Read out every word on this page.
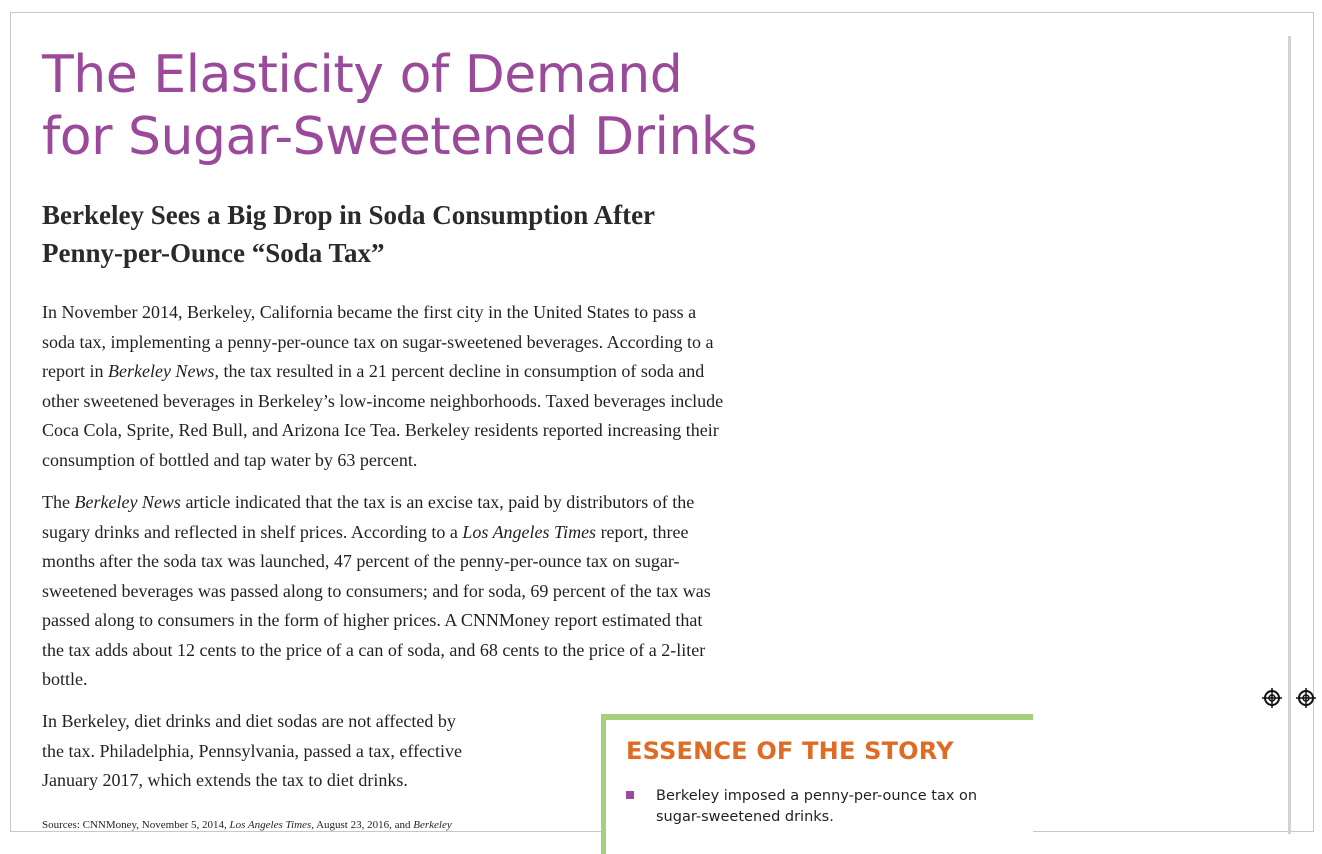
The Elasticity of Demand
for Sugar-Sweetened Drinks
Berkeley Sees a Big Drop in Soda Consumption After
Penny-per-Ounce “Soda Tax”

In November 2014, Berkeley, California became the first city in the United States to pass a
soda tax, implementing a penny-per-ounce tax on sugar-sweetened beverages. According to a
report in Berkeley News, the tax resulted in a 21 percent decline in consumption of soda and
other sweetened beverages in Berkeley’s low-income neighborhoods. Taxed beverages include
Coca Cola, Sprite, Red Bull, and Arizona Ice Tea. Berkeley residents reported increasing their
consumption of bottled and tap water by 63 percent.

The Berkeley News article indicated that the tax is an excise tax, paid by distributors of the
sugary drinks and reflected in shelf prices. According to a Los Angeles Times report, three
months after the soda tax was launched, 47 percent of the penny-per-ounce tax on sugar-
sweetened beverages was passed along to consumers; and for soda, 69 percent of the tax was
passed along to consumers in the form of higher prices. A CNNMoney report estimated that
the tax adds about 12 cents to the price of a can of soda, and 68 cents to the price of a 2-liter
bottle.

In Berkeley, diet drinks and diet sodas are not affected by
the tax. Philadelphia, Pennsylvania, passed a tax, effective
January 2017, which extends the tax to diet drinks.

Sources: CNNMoney, November 5, 2014, Los Angeles Times, August 23, 2016, and Berkeley
ESSENCE OF THE STORY
Berkeley imposed a penny-per-ounce tax on
sugar-sweetened drinks.
